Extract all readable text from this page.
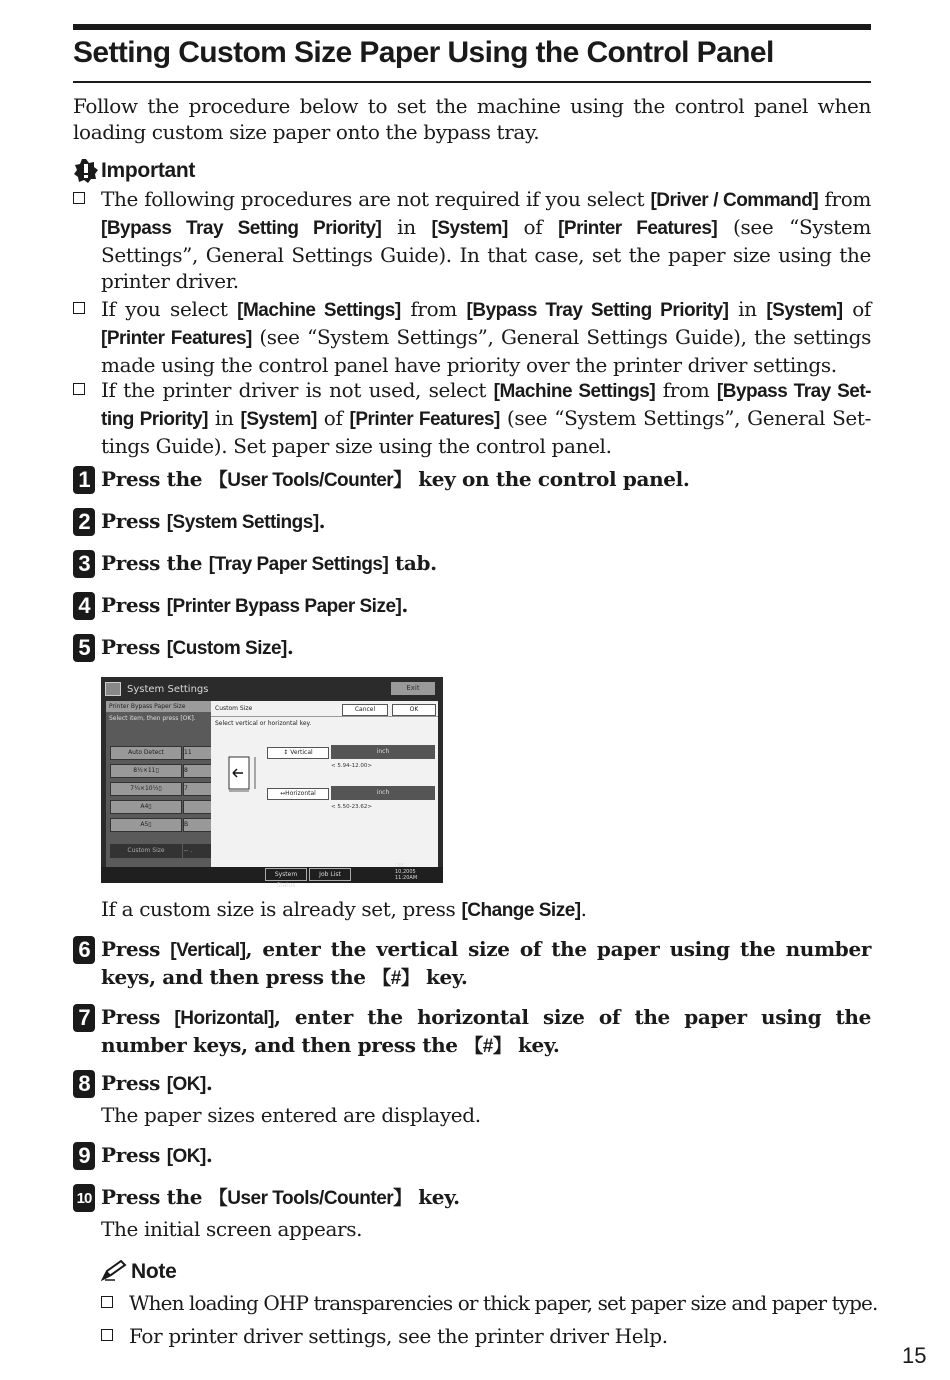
Setting Custom Size Paper Using the Control Panel
Follow the procedure below to set the machine using the control panel when loading custom size paper onto the bypass tray.
Important
The following procedures are not required if you select [Driver / Command] from [Bypass Tray Setting Priority] in [System] of [Printer Features] (see “System Settings”, General Settings Guide). In that case, set the paper size using the printer driver.
If you select [Machine Settings] from [Bypass Tray Setting Priority] in [System] of [Printer Features] (see “System Settings”, General Settings Guide), the settings made using the control panel have priority over the printer driver settings.
If the printer driver is not used, select [Machine Settings] from [Bypass Tray Set-ting Priority] in [System] of [Printer Features] (see “System Settings”, General Set-tings Guide). Set paper size using the control panel.
1 Press the 【User Tools/Counter】 key on the control panel.
2 Press [System Settings].
3 Press the [Tray Paper Settings] tab.
4 Press [Printer Bypass Paper Size].
5 Press [Custom Size].
6 Press [Vertical], enter the vertical size of the paper using the number keys, and then press the 【#】 key.
7 Press [Horizontal], enter the horizontal size of the paper using the number keys, and then press the 【#】 key.
8 Press [OK].
The paper sizes entered are displayed.
9 Press [OK].
10 Press the 【User Tools/Counter】 key.
The initial screen appears.
System Settings	Exit
Printer Bypass Paper Size
Select item, then press [OK].
Auto Detect	11
8½×11▯	8
7¼×10½▯	7
A4▯
A5▯	B
Custom Size	-- .
Custom Size	Cancel	OK
Select vertical or horizontal key.
↕ Vertical	inch
< 5.94-12.00>
↔Horizontal	inch
< 5.50-23.62>
System Status
Job List
DEC 10,2005 11:20AM
If a custom size is already set, press [Change Size].
Note
When loading OHP transparencies or thick paper, set paper size and paper type.
For printer driver settings, see the printer driver Help.
15
